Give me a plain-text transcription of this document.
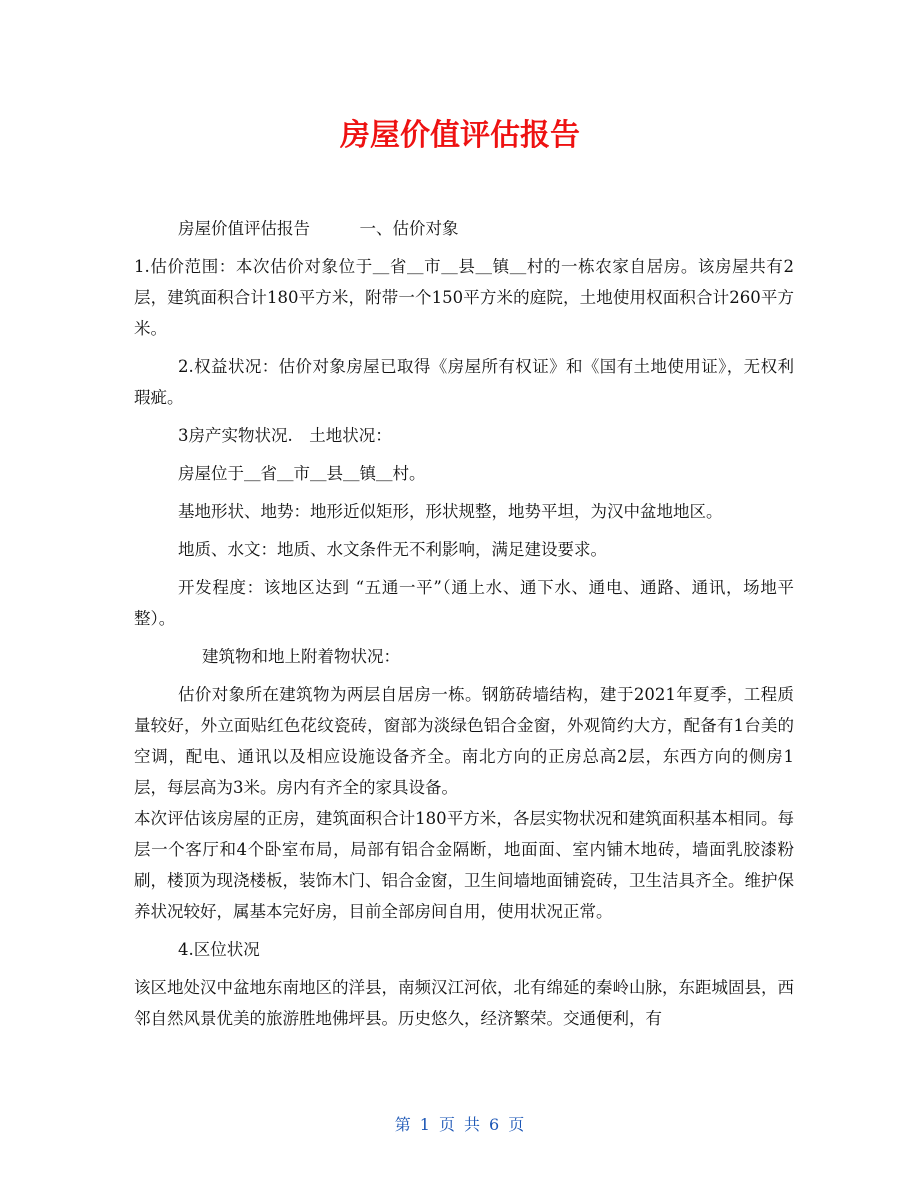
房屋价值评估报告

房屋价值评估报告　　　一、估价对象

1.估价范围：本次估价对象位于＿省＿市＿县＿镇＿村的一栋农家自居房。该房屋共有2层，建筑面积合计180平方米，附带一个150平方米的庭院，土地使用权面积合计260平方米。

2.权益状况：估价对象房屋已取得《房屋所有权证》和《国有土地使用证》，无权利瑕疵。

3房产实物状况.　土地状况：

房屋位于＿省＿市＿县＿镇＿村。

基地形状、地势：地形近似矩形，形状规整，地势平坦，为汉中盆地地区。

地质、水文：地质、水文条件无不利影响，满足建设要求。

开发程度：该地区达到 “五通一平”（通上水、通下水、通电、通路、通讯，场地平整）。

建筑物和地上附着物状况：

估价对象所在建筑物为两层自居房一栋。钢筋砖墙结构，建于2021年夏季，工程质量较好，外立面贴红色花纹瓷砖，窗部为淡绿色铝合金窗，外观简约大方，配备有1台美的空调，配电、通讯以及相应设施设备齐全。南北方向的正房总高2层，东西方向的侧房1层，每层高为3米。房内有齐全的家具设备。

本次评估该房屋的正房，建筑面积合计180平方米，各层实物状况和建筑面积基本相同。每层一个客厅和4个卧室布局，局部有铝合金隔断，地面面、室内铺木地砖，墙面乳胶漆粉刷，楼顶为现浇楼板，装饰木门、铝合金窗，卫生间墙地面铺瓷砖，卫生洁具齐全。维护保养状况较好，属基本完好房，目前全部房间自用，使用状况正常。

4.区位状况

该区地处汉中盆地东南地区的洋县，南频汉江河依，北有绵延的秦岭山脉，东距城固县，西邻自然风景优美的旅游胜地佛坪县。历史悠久，经济繁荣。交通便利，有

第 1 页 共 6 页
